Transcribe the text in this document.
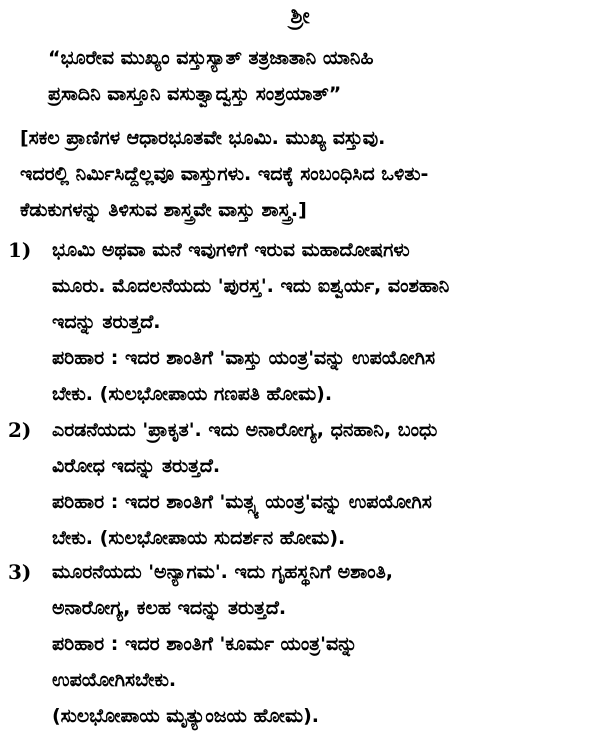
ಶ್ರೀ
“ಭೂರೇವ ಮುಖ್ಯಂ ವಸ್ತುಸ್ಯಾತ್ ತತ್ರಜಾತಾನಿ ಯಾನಿಹಿ
ಪ್ರಸಾದಿನಿ ವಾಸ್ತೂನಿ ವಸುತ್ವಾದ್ವಸ್ತು ಸಂಶ್ರಯಾತ್”
[ಸಕಲ ಪ್ರಾಣಿಗಳ ಆಧಾರಭೂತವೇ ಭೂಮಿ. ಮುಖ್ಯ ವಸ್ತುವು.
ಇದರಲ್ಲಿ ನಿರ್ಮಿಸಿದ್ದೆಲ್ಲವೂ ವಾಸ್ತುಗಳು. ಇದಕ್ಕೆ ಸಂಬಂಧಿಸಿದ ಒಳಿತು-
ಕೆಡುಕುಗಳನ್ನು ತಿಳಿಸುವ ಶಾಸ್ತ್ರವೇ ವಾಸ್ತು ಶಾಸ್ತ್ರ.]
1) ಭೂಮಿ ಅಥವಾ ಮನೆ ಇವುಗಳಿಗೆ ಇರುವ ಮಹಾದೋಷಗಳು
ಮೂರು. ಮೊದಲನೆಯದು 'ಪುರಸ್ತ'. ಇದು ಐಶ್ವರ್ಯ, ವಂಶಹಾನಿ
ಇದನ್ನು ತರುತ್ತದೆ.
ಪರಿಹಾರ : ಇದರ ಶಾಂತಿಗೆ 'ವಾಸ್ತು ಯಂತ್ರ'ವನ್ನು ಉಪಯೋಗಿಸ
ಬೇಕು. (ಸುಲಭೋಪಾಯ ಗಣಪತಿ ಹೋಮ).
2) ಎರಡನೆಯದು 'ಪ್ರಾಕೃತ'. ಇದು ಅನಾರೋಗ್ಯ, ಧನಹಾನಿ, ಬಂಧು
ವಿರೋಧ ಇದನ್ನು ತರುತ್ತದೆ.
ಪರಿಹಾರ : ಇದರ ಶಾಂತಿಗೆ 'ಮತ್ಸ್ಯ ಯಂತ್ರ'ವನ್ನು ಉಪಯೋಗಿಸ
ಬೇಕು. (ಸುಲಭೋಪಾಯ ಸುದರ್ಶನ ಹೋಮ).
3) ಮೂರನೆಯದು 'ಅನ್ಯಾಗಮ'. ಇದು ಗೃಹಸ್ಥನಿಗೆ ಅಶಾಂತಿ,
ಅನಾರೋಗ್ಯ, ಕಲಹ ಇದನ್ನು ತರುತ್ತದೆ.
ಪರಿಹಾರ : ಇದರ ಶಾಂತಿಗೆ 'ಕೂರ್ಮ ಯಂತ್ರ'ವನ್ನು
ಉಪಯೋಗಿಸಬೇಕು.
(ಸುಲಭೋಪಾಯ ಮೃತ್ಯುಂಜಯ ಹೋಮ).
